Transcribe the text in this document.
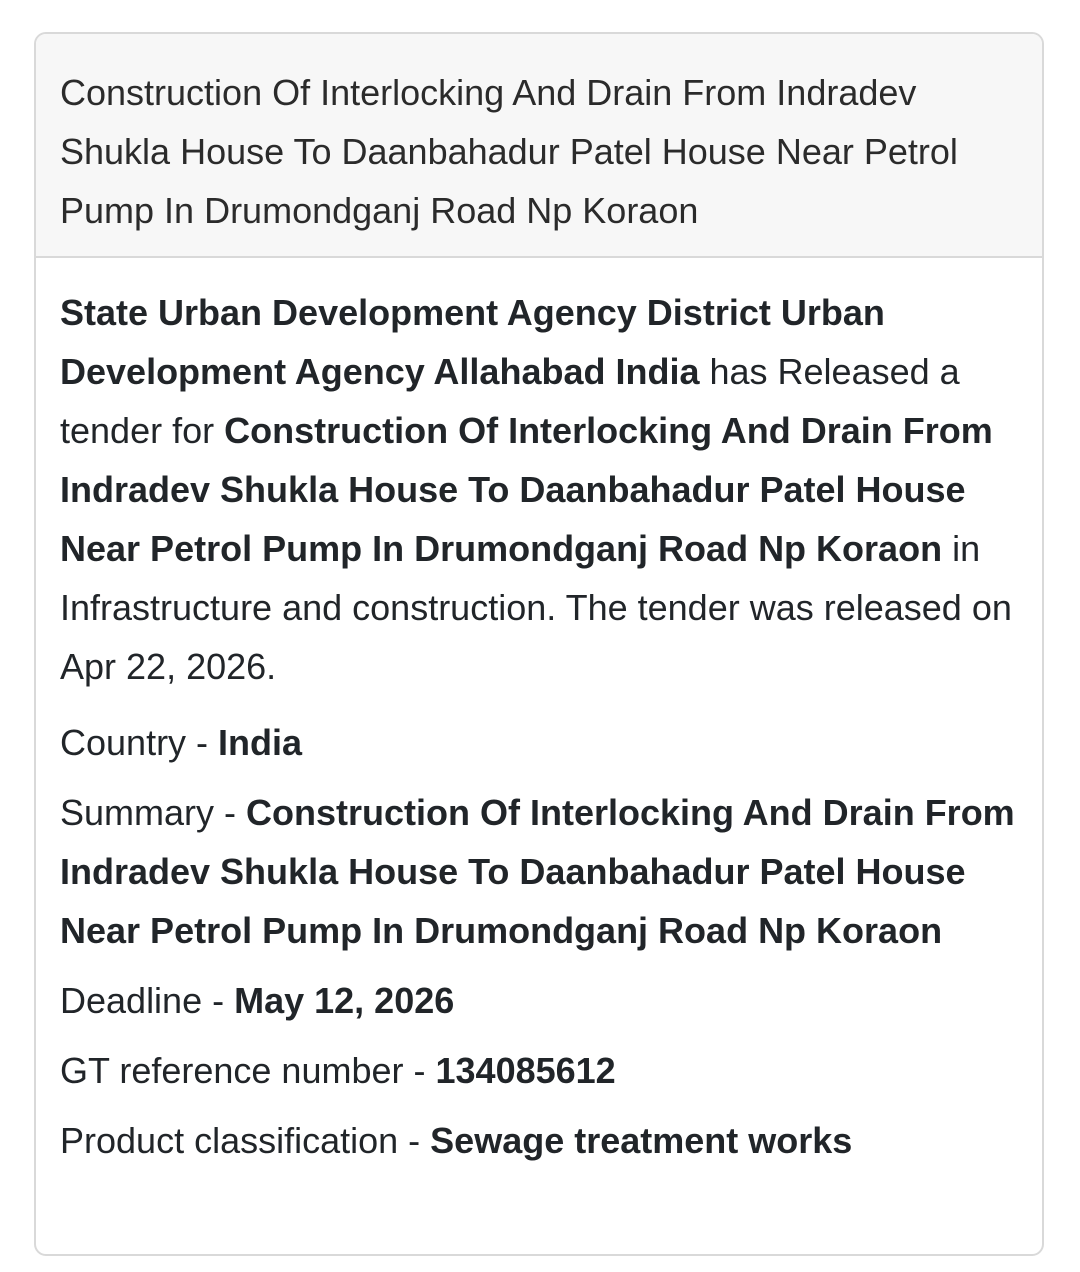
Construction Of Interlocking And Drain From Indradev Shukla House To Daanbahadur Patel House Near Petrol Pump In Drumondganj Road Np Koraon

State Urban Development Agency District Urban Development Agency Allahabad India has Released a tender for Construction Of Interlocking And Drain From Indradev Shukla House To Daanbahadur Patel House Near Petrol Pump In Drumondganj Road Np Koraon in Infrastructure and construction. The tender was released on Apr 22, 2026.

Country - India
Summary - Construction Of Interlocking And Drain From Indradev Shukla House To Daanbahadur Patel House Near Petrol Pump In Drumondganj Road Np Koraon
Deadline - May 12, 2026
GT reference number - 134085612
Product classification - Sewage treatment works
